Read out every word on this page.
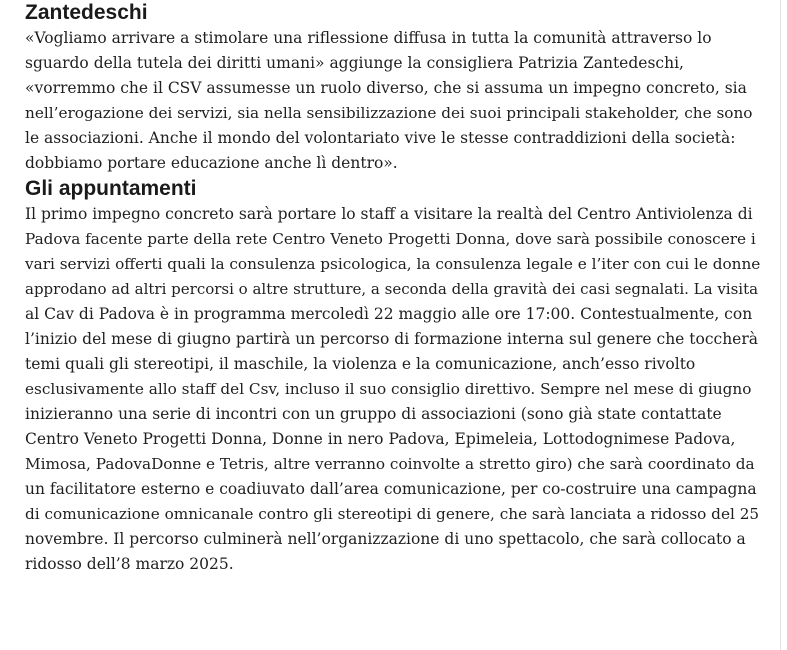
Zantedeschi

«Vogliamo arrivare a stimolare una riflessione diffusa in tutta la comunità attraverso lo
sguardo della tutela dei diritti umani» aggiunge la consigliera Patrizia Zantedeschi,
«vorremmo che il CSV assumesse un ruolo diverso, che si assuma un impegno concreto, sia
nell’erogazione dei servizi, sia nella sensibilizzazione dei suoi principali stakeholder, che sono
le associazioni. Anche il mondo del volontariato vive le stesse contraddizioni della società:
dobbiamo portare educazione anche lì dentro».

Gli appuntamenti

Il primo impegno concreto sarà portare lo staff a visitare la realtà del Centro Antiviolenza di
Padova facente parte della rete Centro Veneto Progetti Donna, dove sarà possibile conoscere i
vari servizi offerti quali la consulenza psicologica, la consulenza legale e l’iter con cui le donne
approdano ad altri percorsi o altre strutture, a seconda della gravità dei casi segnalati. La visita
al Cav di Padova è in programma mercoledì 22 maggio alle ore 17:00. Contestualmente, con
l’inizio del mese di giugno partirà un percorso di formazione interna sul genere che toccherà
temi quali gli stereotipi, il maschile, la violenza e la comunicazione, anch’esso rivolto
esclusivamente allo staff del Csv, incluso il suo consiglio direttivo. Sempre nel mese di giugno
inizieranno una serie di incontri con un gruppo di associazioni (sono già state contattate
Centro Veneto Progetti Donna, Donne in nero Padova, Epimeleia, Lottodognimese Padova,
Mimosa, PadovaDonne e Tetris, altre verranno coinvolte a stretto giro) che sarà coordinato da
un facilitatore esterno e coadiuvato dall’area comunicazione, per co-costruire una campagna
di comunicazione omnicanale contro gli stereotipi di genere, che sarà lanciata a ridosso del 25
novembre. Il percorso culminerà nell’organizzazione di uno spettacolo, che sarà collocato a
ridosso dell’8 marzo 2025.
